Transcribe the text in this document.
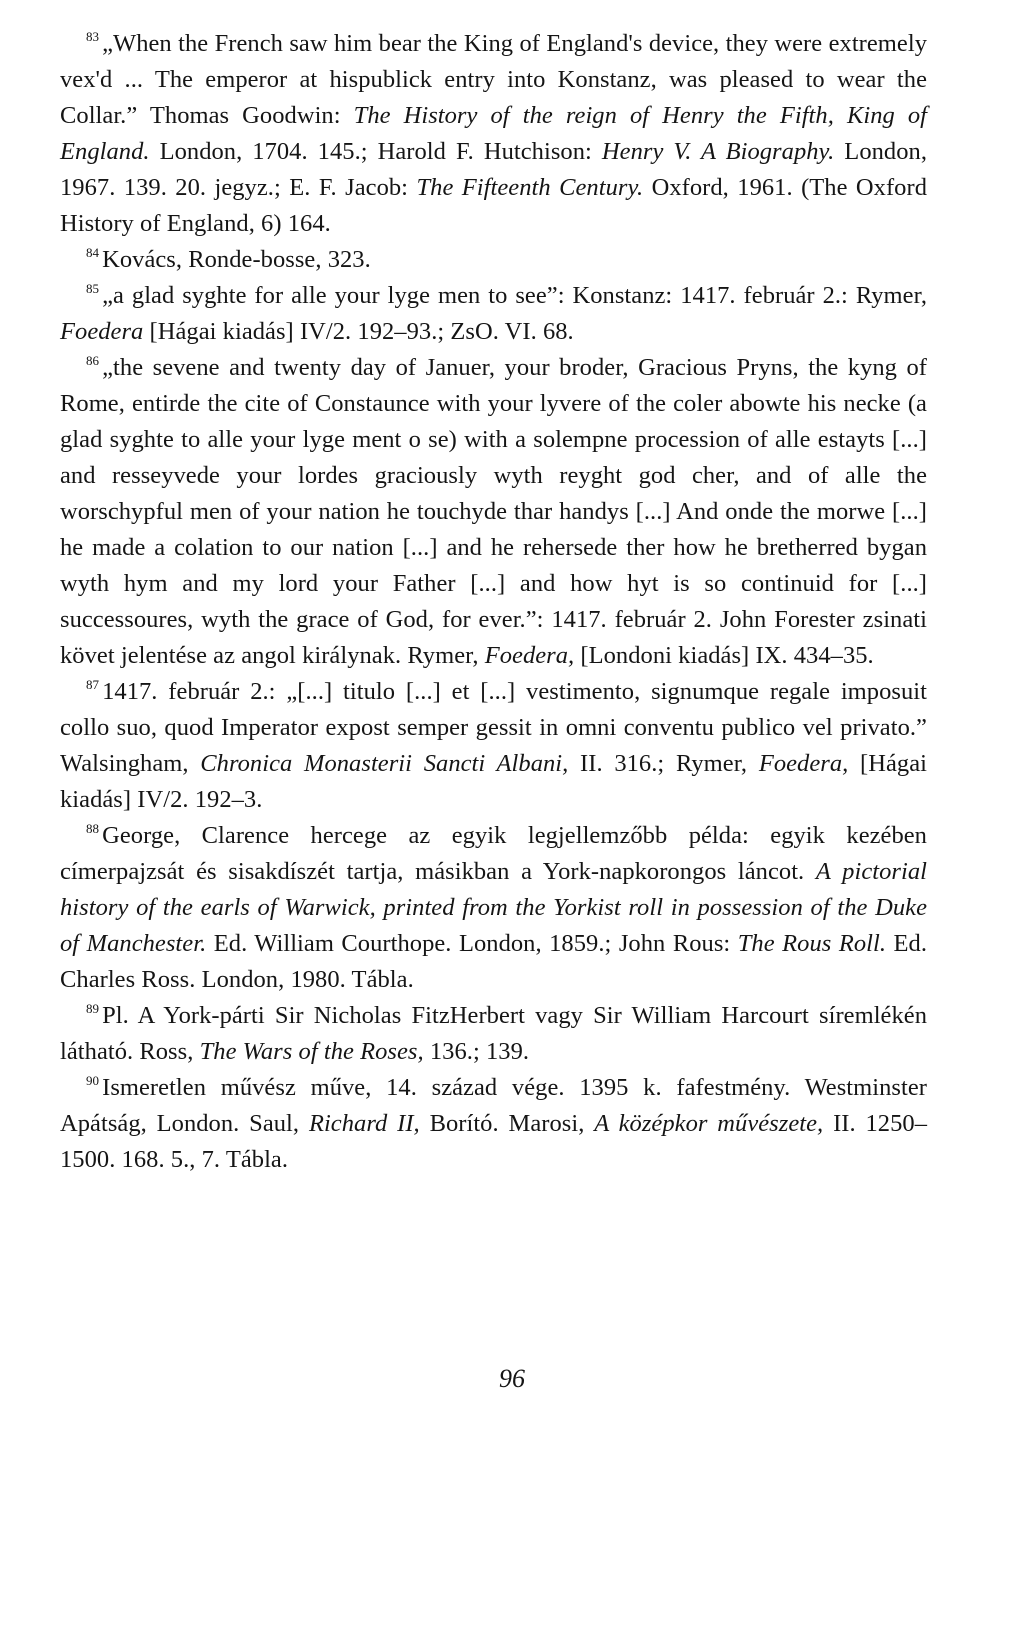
$^{83}$ „When the French saw him bear the King of England's device, they were extremely vex'd ... The emperor at hispublick entry into Konstanz, was pleased to wear the Collar.” Thomas Goodwin: The History of the reign of Henry the Fifth, King of England. London, 1704. 145.; Harold F. Hutchison: Henry V. A Biography. London, 1967. 139. 20. jegyz.; E. F. Jacob: The Fifteenth Century. Oxford, 1961. (The Oxford History of England, 6) 164.

$^{84}$ Kovács, Ronde-bosse, 323.

$^{85}$ „a glad syghte for alle your lyge men to see”: Konstanz: 1417. február 2.: Rymer, Foedera [Hágai kiadás] IV/2. 192–93.; ZsO. VI. 68.

$^{86}$ „the sevene and twenty day of Januer, your broder, Gracious Pryns, the kyng of Rome, entirde the cite of Constaunce with your lyvere of the coler abowte his necke (a glad syghte to alle your lyge ment o se) with a solempne procession of alle estayts [...] and resseyvede your lordes graciously wyth reyght god cher, and of alle the worschypful men of your nation he touchyde thar handys [...] And onde the morwe [...] he made a colation to our nation [...] and he rehersede ther how he bretherred bygan wyth hym and my lord your Father [...] and how hyt is so continuid for [...] successoures, wyth the grace of God, for ever.”: 1417. február 2. John Forester zsinati követ jelentése az angol királynak. Rymer, Foedera, [Londoni kiadás] IX. 434–35.

$^{87}$ 1417. február 2.: „[...] titulo [...] et [...] vestimento, signumque regale imposuit collo suo, quod Imperator expost semper gessit in omni conventu publico vel privato.” Walsingham, Chronica Monasterii Sancti Albani, II. 316.; Rymer, Foedera, [Hágai kiadás] IV/2. 192–3.

$^{88}$ George, Clarence hercege az egyik legjellemzőbb példa: egyik kezében címerpajzsát és sisakdíszét tartja, másikban a York-napkorongos láncot. A pictorial history of the earls of Warwick, printed from the Yorkist roll in possession of the Duke of Manchester. Ed. William Courthope. London, 1859.; John Rous: The Rous Roll. Ed. Charles Ross. London, 1980. Tábla.

$^{89}$ Pl. A York-párti Sir Nicholas FitzHerbert vagy Sir William Harcourt síremlékén látható. Ross, The Wars of the Roses, 136.; 139.

$^{90}$ Ismeretlen művész műve, 14. század vége. 1395 k. fafestmény. Westminster Apátság, London. Saul, Richard II, Borító. Marosi, A középkor művészete, II. 1250–1500. 168. 5., 7. Tábla.

96
